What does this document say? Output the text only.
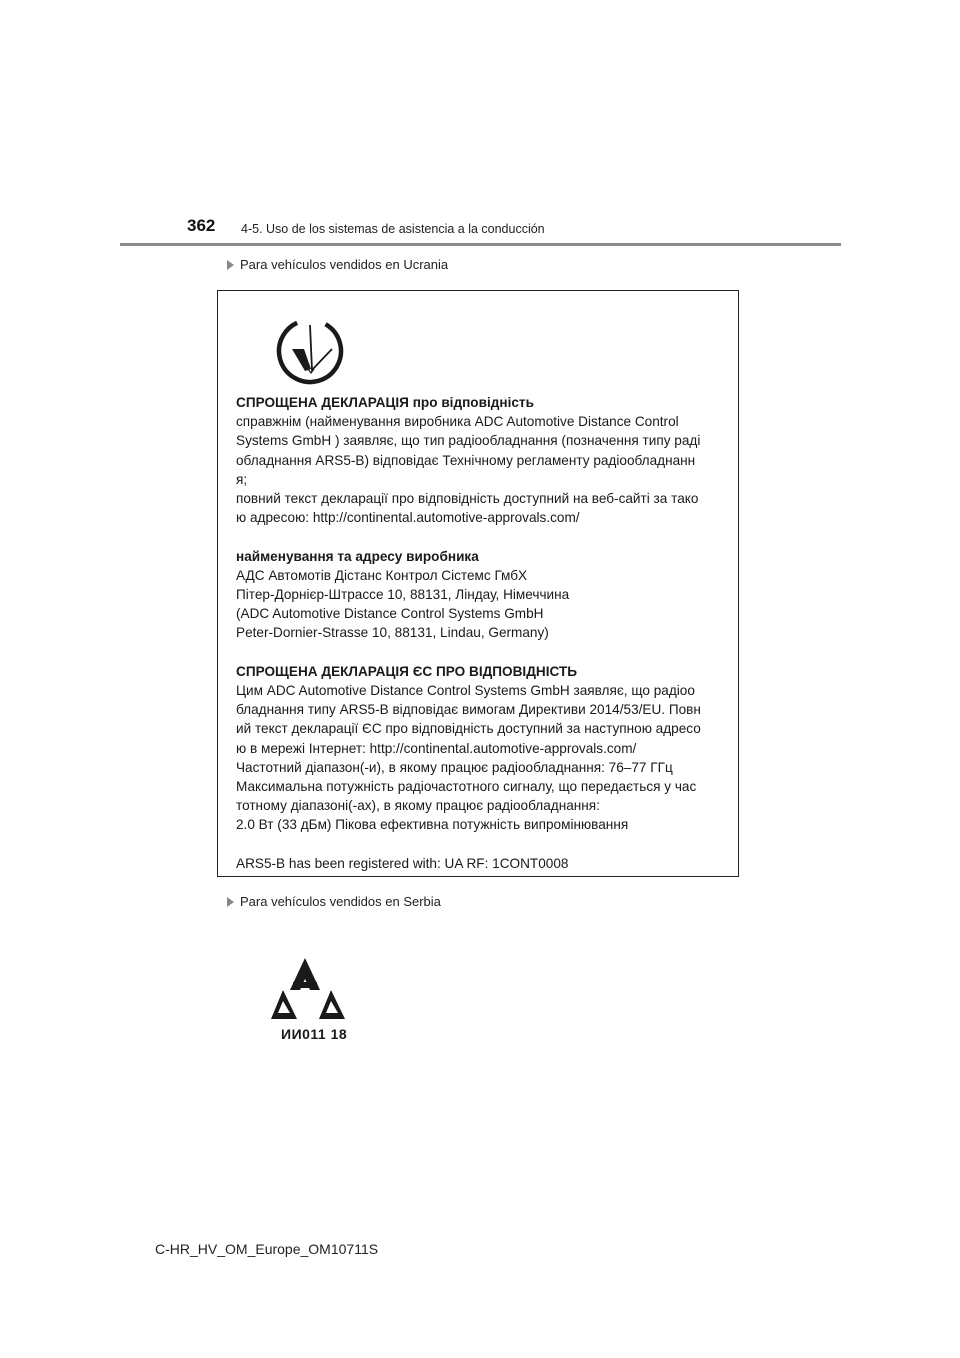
362 4-5. Uso de los sistemas de asistencia a la conducción
Para vehículos vendidos en Ucrania
СПРОЩЕНА ДЕКЛАРАЦІЯ про відповідність
справжнім (найменування виробника ADC Automotive Distance Control
Systems GmbH ) заявляє, що тип радіообладнання (позначення типу раді
обладнання ARS5-B) відповідає Технічному регламенту радіообладнанн
я;
повний текст декларації про відповідність доступний на веб-сайті за тако
ю адресою: http://continental.automotive-approvals.com/
найменування та адресу виробника
АДС Автомотів Дістанс Контрол Сістемс ГмбХ
Пітер-Дорнієр-Штрассе 10, 88131, Ліндау, Німеччина
(ADC Automotive Distance Control Systems GmbH
Peter-Dornier-Strasse 10, 88131, Lindau, Germany)
СПРОЩЕНА ДЕКЛАРАЦІЯ ЄС ПРО ВІДПОВІДНІСТЬ
Цим ADC Automotive Distance Control Systems GmbH заявляє, що радіоо
бладнання типу ARS5-B відповідає вимогам Директиви 2014/53/EU. Повн
ий текст декларації ЄС про відповідність доступний за наступною адресо
ю в мережі Інтернет: http://continental.automotive-approvals.com/
Частотний діапазон(-и), в якому працює радіообладнання: 76–77 ГГц
Максимальна потужність радіочастотного сигналу, що передається у час
тотному діапазоні(-ах), в якому працює радіообладнання:
2.0 Вт (33 дБм) Пікова ефективна потужність випромінювання
ARS5-B has been registered with: UA RF: 1CONT0008
Para vehículos vendidos en Serbia
ИИ011 18
C-HR_HV_OM_Europe_OM10711S
